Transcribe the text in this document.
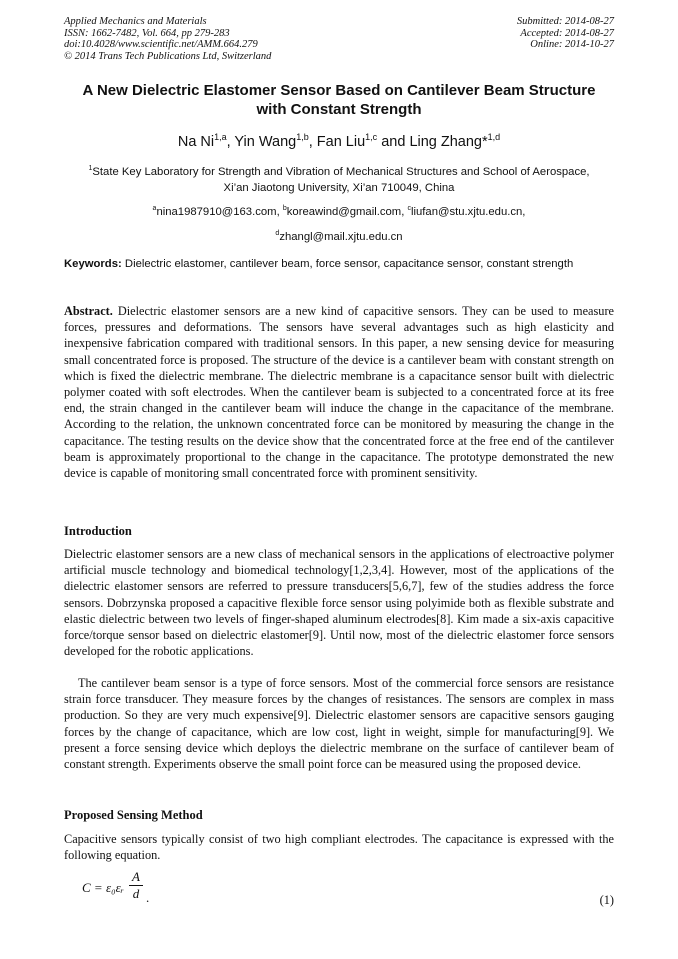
Applied Mechanics and Materials
ISSN: 1662-7482, Vol. 664, pp 279-283
doi:10.4028/www.scientific.net/AMM.664.279
© 2014 Trans Tech Publications Ltd, Switzerland
Submitted: 2014-08-27
Accepted: 2014-08-27
Online: 2014-10-27
A New Dielectric Elastomer Sensor Based on Cantilever Beam Structure
with Constant Strength
Na Ni$^{1,a}$, Yin Wang$^{1,b}$, Fan Liu$^{1,c}$ and Ling Zhang*$^{1,d}$
$^1$State Key Laboratory for Strength and Vibration of Mechanical Structures and School of Aerospace,
Xi’an Jiaotong University, Xi’an 710049, China
$^a$nina1987910@163.com, $^b$koreawind@gmail.com, $^c$liufan@stu.xjtu.edu.cn,
$^d$zhangl@mail.xjtu.edu.cn
Keywords: Dielectric elastomer, cantilever beam, force sensor, capacitance sensor, constant strength
Abstract. Dielectric elastomer sensors are a new kind of capacitive sensors. They can be used to measure forces, pressures and deformations. The sensors have several advantages such as high elasticity and inexpensive fabrication compared with traditional sensors. In this paper, a new sensing device for measuring small concentrated force is proposed. The structure of the device is a cantilever beam with constant strength on which is fixed the dielectric membrane. The dielectric membrane is a capacitance sensor built with dielectric polymer coated with soft electrodes. When the cantilever beam is subjected to a concentrated force at its free end, the strain changed in the cantilever beam will induce the change in the capacitance of the membrane. According to the relation, the unknown concentrated force can be monitored by measuring the change in the capacitance. The testing results on the device show that the concentrated force at the free end of the cantilever beam is approximately proportional to the change in the capacitance. The prototype demonstrated the new device is capable of monitoring small concentrated force with prominent sensitivity.
Introduction
Dielectric elastomer sensors are a new class of mechanical sensors in the applications of electroactive polymer artificial muscle technology and biomedical technology[1,2,3,4]. However, most of the applications of the dielectric elastomer sensors are referred to pressure transducers[5,6,7], few of the studies address the force sensors. Dobrzynska proposed a capacitive flexible force sensor using polyimide both as flexible substrate and elastic dielectric between two levels of finger-shaped aluminum electrodes[8]. Kim made a six-axis capacitive force/torque sensor based on dielectric elastomer[9]. Until now, most of the dielectric elastomer force sensors developed for the robotic applications.
The cantilever beam sensor is a type of force sensors. Most of the commercial force sensors are resistance strain force transducer. They measure forces by the changes of resistances. The sensors are complex in mass production. So they are very much expensive[9]. Dielectric elastomer sensors are capacitive sensors gauging forces by the change of capacitance, which are low cost, light in weight, simple for manufacturing[9]. We present a force sensing device which deploys the dielectric membrane on the surface of cantilever beam of constant strength. Experiments observe the small point force can be measured using the proposed device.
Proposed Sensing Method
Capacitive sensors typically consist of two high compliant electrodes. The capacitance is expressed with the following equation.
C = ε₀εᵣ
A
d .	(1)
